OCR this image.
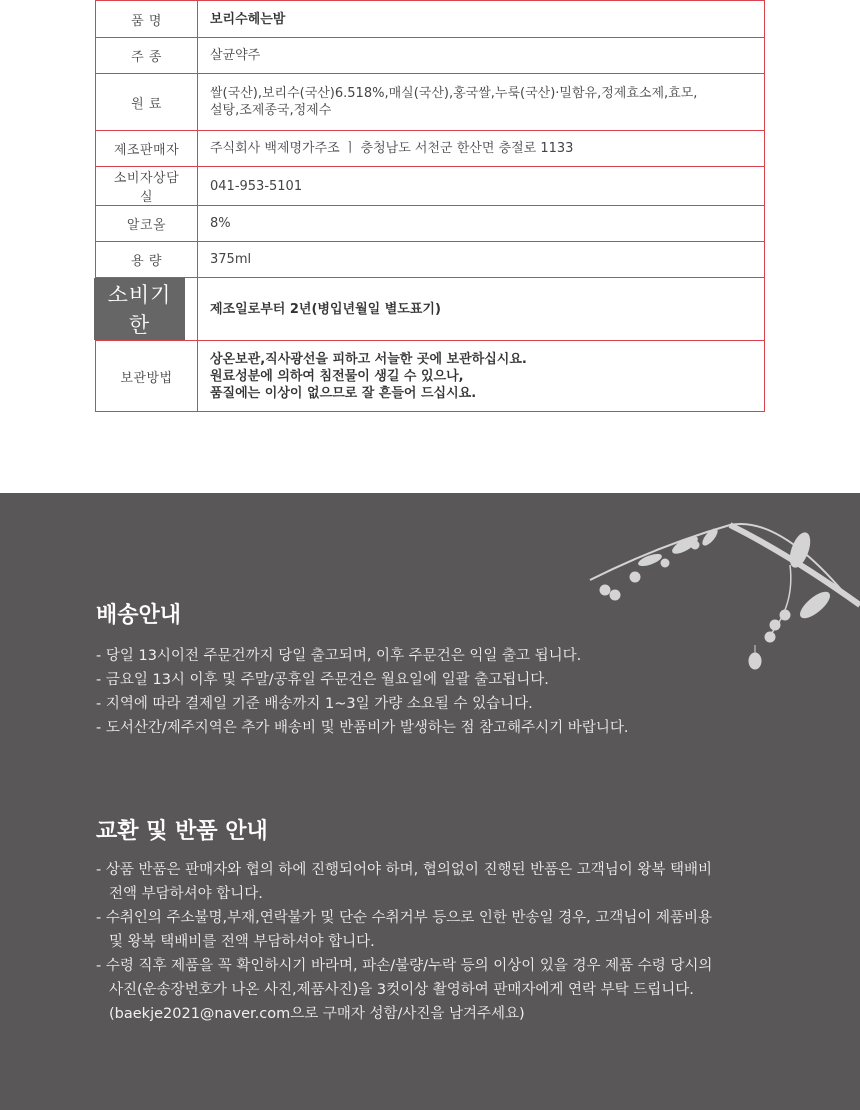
품 명	보리수헤는밤
주 종	살균약주
원 료	쌀(국산),보리수(국산)6.518%,매실(국산),홍국쌀,누룩(국산)·밀함유,정제효소제,효모,
설탕,조제종국,정제수

제조판매자	주식회사 백제명가주조 ㅣ 충청남도 서천군 한산면 충절로 1133
소비자상담실	041-953-5101
알코올	8%
용 량	375ml
소비기한	제조일로부터 2년(병입년월일 별도표기)
보관방법	상온보관,직사광선을 피하고 서늘한 곳에 보관하십시요.
원료성분에 의하여 침전물이 생길 수 있으나,
품질에는 이상이 없으므로 잘 흔들어 드십시요.
배송안내
- 당일 13시이전 주문건까지 당일 출고되며, 이후 주문건은 익일 출고 됩니다.
- 금요일 13시 이후 및 주말/공휴일 주문건은 월요일에 일괄 출고됩니다.
- 지역에 따라 결제일 기준 배송까지 1~3일 가량 소요될 수 있습니다.
- 도서산간/제주지역은 추가 배송비 및 반품비가 발생하는 점 참고해주시기 바랍니다.
교환 및 반품 안내
- 상품 반품은 판매자와 협의 하에 진행되어야 하며, 협의없이 진행된 반품은 고객님이 왕복 택배비
전액 부담하셔야 합니다.
- 수취인의 주소불명,부재,연락불가 및 단순 수취거부 등으로 인한 반송일 경우, 고객님이 제품비용
및 왕복 택배비를 전액 부담하셔야 합니다.
- 수령 직후 제품을 꼭 확인하시기 바라며, 파손/불량/누락 등의 이상이 있을 경우 제품 수령 당시의
사진(운송장번호가 나온 사진,제품사진)을 3컷이상 촬영하여 판매자에게 연락 부탁 드립니다.
(baekje2021@naver.com으로 구매자 성함/사진을 남겨주세요)
